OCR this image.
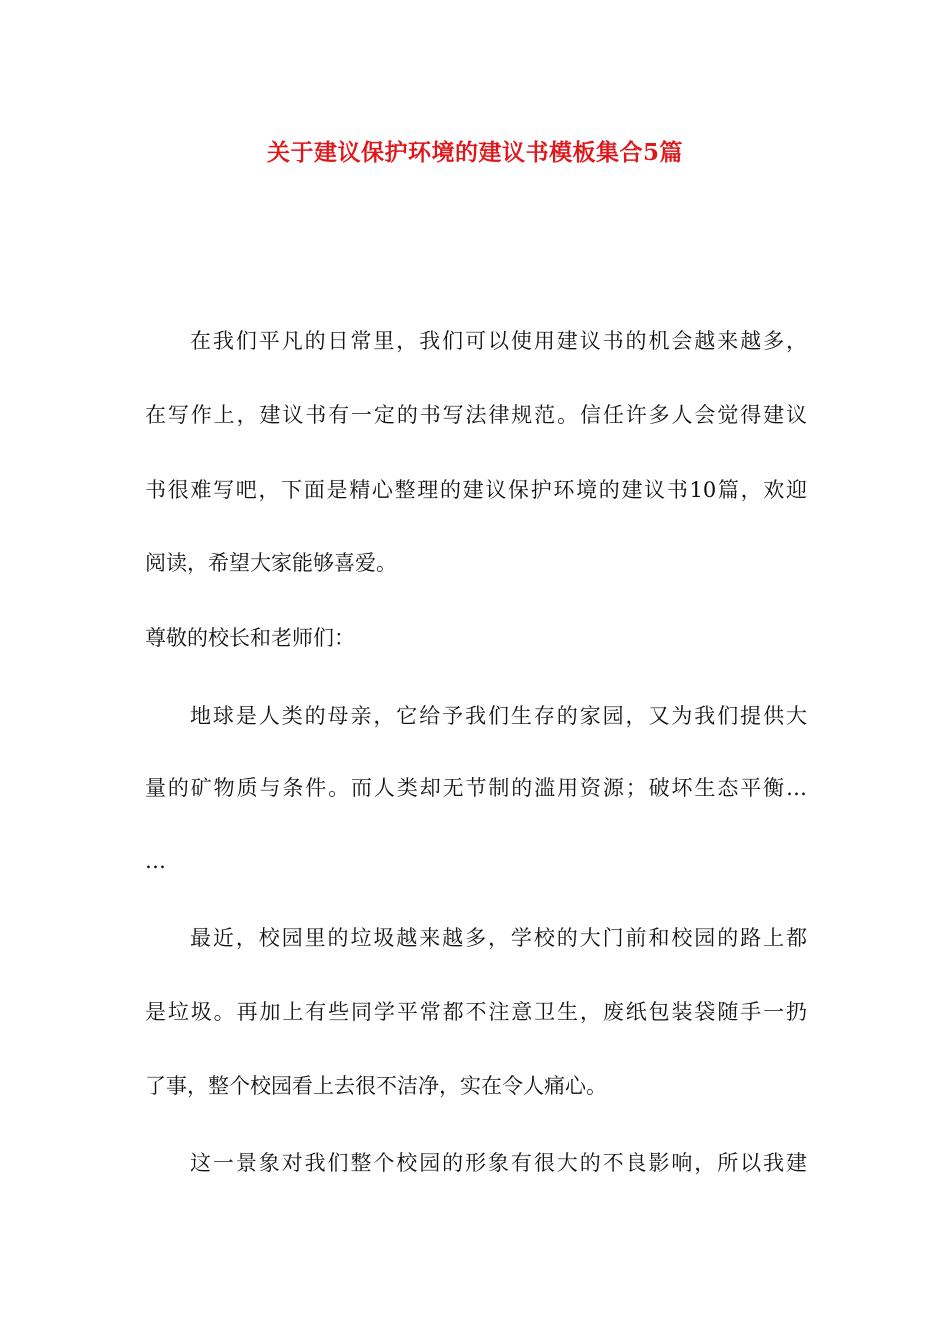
关于建议保护环境的建议书模板集合5篇
在我们平凡的日常里，我们可以使用建议书的机会越来越多，
在写作上，建议书有一定的书写法律规范。信任许多人会觉得建议
书很难写吧，下面是精心整理的建议保护环境的建议书10篇，欢迎
阅读，希望大家能够喜爱。
尊敬的校长和老师们：
地球是人类的母亲，它给予我们生存的家园，又为我们提供大
量的矿物质与条件。而人类却无节制的滥用资源；破坏生态平衡…
…
最近，校园里的垃圾越来越多，学校的大门前和校园的路上都
是垃圾。再加上有些同学平常都不注意卫生，废纸包装袋随手一扔
了事，整个校园看上去很不洁净，实在令人痛心。
这一景象对我们整个校园的形象有很大的不良影响，所以我建
